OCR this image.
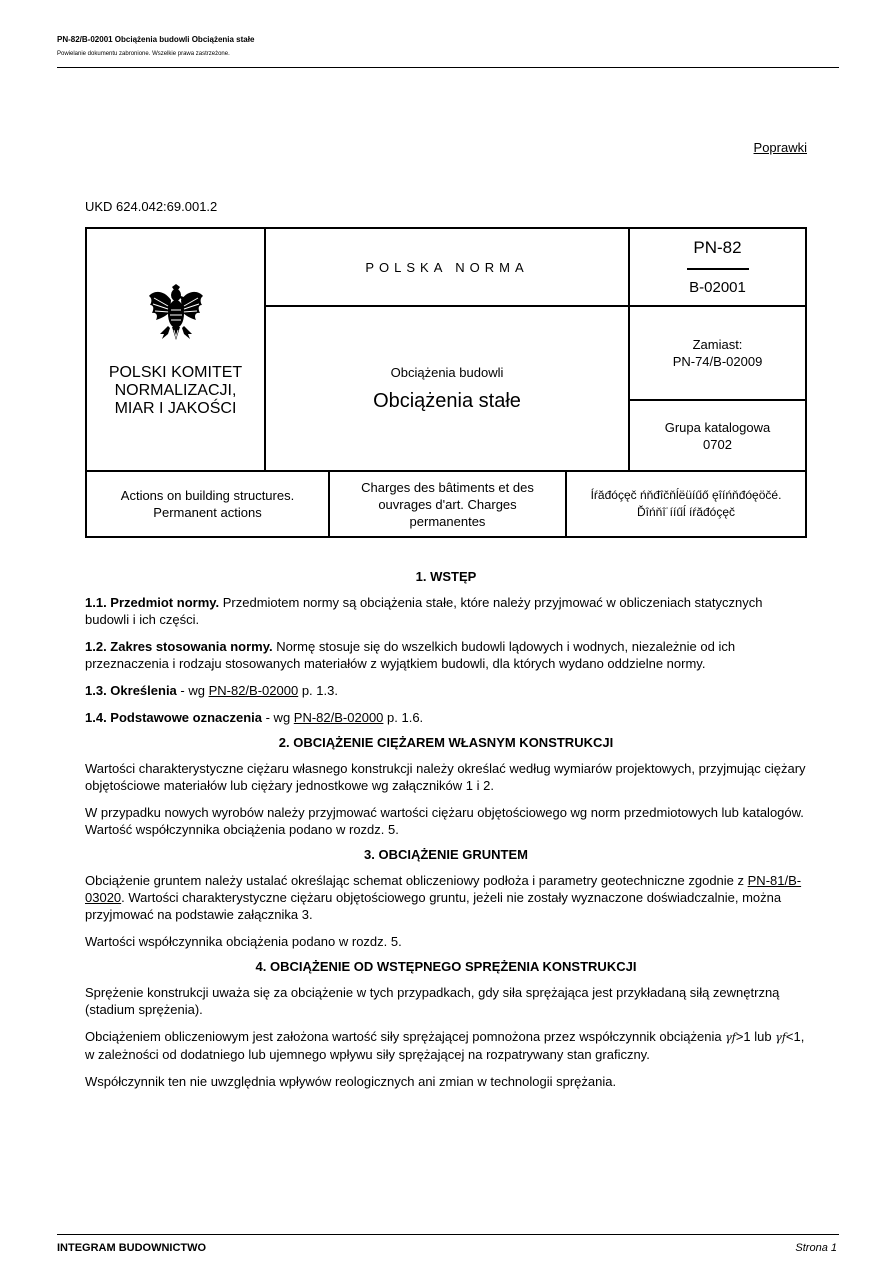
PN-82/B-02001 Obciążenia budowli Obciążenia stałe
Powielanie dokumentu zabronione. Wszelkie prawa zastrzeżone.
Poprawki
UKD 624.042:69.001.2
POLSKI KOMITET
NORMALIZACJI,
MIAR I JAKOŚCI
POLSKA NORMA
PN-82
B-02001
Obciążenia budowli
Obciążenia stałe
Zamiast:
PN-74/B-02009
Grupa katalogowa
0702
Actions on building structures.
Permanent actions
Charges des bâtiments et des
ouvrages d'art. Charges
permanentes
Íŕăđóçęč ńňđîčňĺëüíűő ęîíńňđóęöčé.
Ďîńňî˙ííűĺ íŕăđóçęč
1. WSTĘP

1.1. Przedmiot normy. Przedmiotem normy są obciążenia stałe, które należy przyjmować w obliczeniach statycznych budowli i ich części.

1.2. Zakres stosowania normy. Normę stosuje się do wszelkich budowli lądowych i wodnych, niezależnie od ich przeznaczenia i rodzaju stosowanych materiałów z wyjątkiem budowli, dla których wydano oddzielne normy.

1.3. Określenia - wg PN-82/B-02000 p. 1.3.

1.4. Podstawowe oznaczenia - wg PN-82/B-02000 p. 1.6.

2. OBCIĄŻENIE CIĘŻAREM WŁASNYM KONSTRUKCJI

Wartości charakterystyczne ciężaru własnego konstrukcji należy określać według wymiarów projektowych, przyjmując ciężary objętościowe materiałów lub ciężary jednostkowe wg załączników 1 i 2.

W przypadku nowych wyrobów należy przyjmować wartości ciężaru objętościowego wg norm przedmiotowych lub katalogów. Wartość współczynnika obciążenia podano w rozdz. 5.

3. OBCIĄŻENIE GRUNTEM

Obciążenie gruntem należy ustalać określając schemat obliczeniowy podłoża i parametry geotechniczne zgodnie z PN-81/B-03020. Wartości charakterystyczne ciężaru objętościowego gruntu, jeżeli nie zostały wyznaczone doświadczalnie, można przyjmować na podstawie załącznika 3.

Wartości współczynnika obciążenia podano w rozdz. 5.

4. OBCIĄŻENIE OD WSTĘPNEGO SPRĘŻENIA KONSTRUKCJI

Sprężenie konstrukcji uważa się za obciążenie w tych przypadkach, gdy siła sprężająca jest przykładaną siłą zewnętrzną (stadium sprężenia).

Obciążeniem obliczeniowym jest założona wartość siły sprężającej pomnożona przez współczynnik obciążenia γf>1 lub γf<1, w zależności od dodatniego lub ujemnego wpływu siły sprężającej na rozpatrywany stan graficzny.

Współczynnik ten nie uwzględnia wpływów reologicznych ani zmian w technologii sprężania.

INTEGRAM BUDOWNICTWO	Strona 1
